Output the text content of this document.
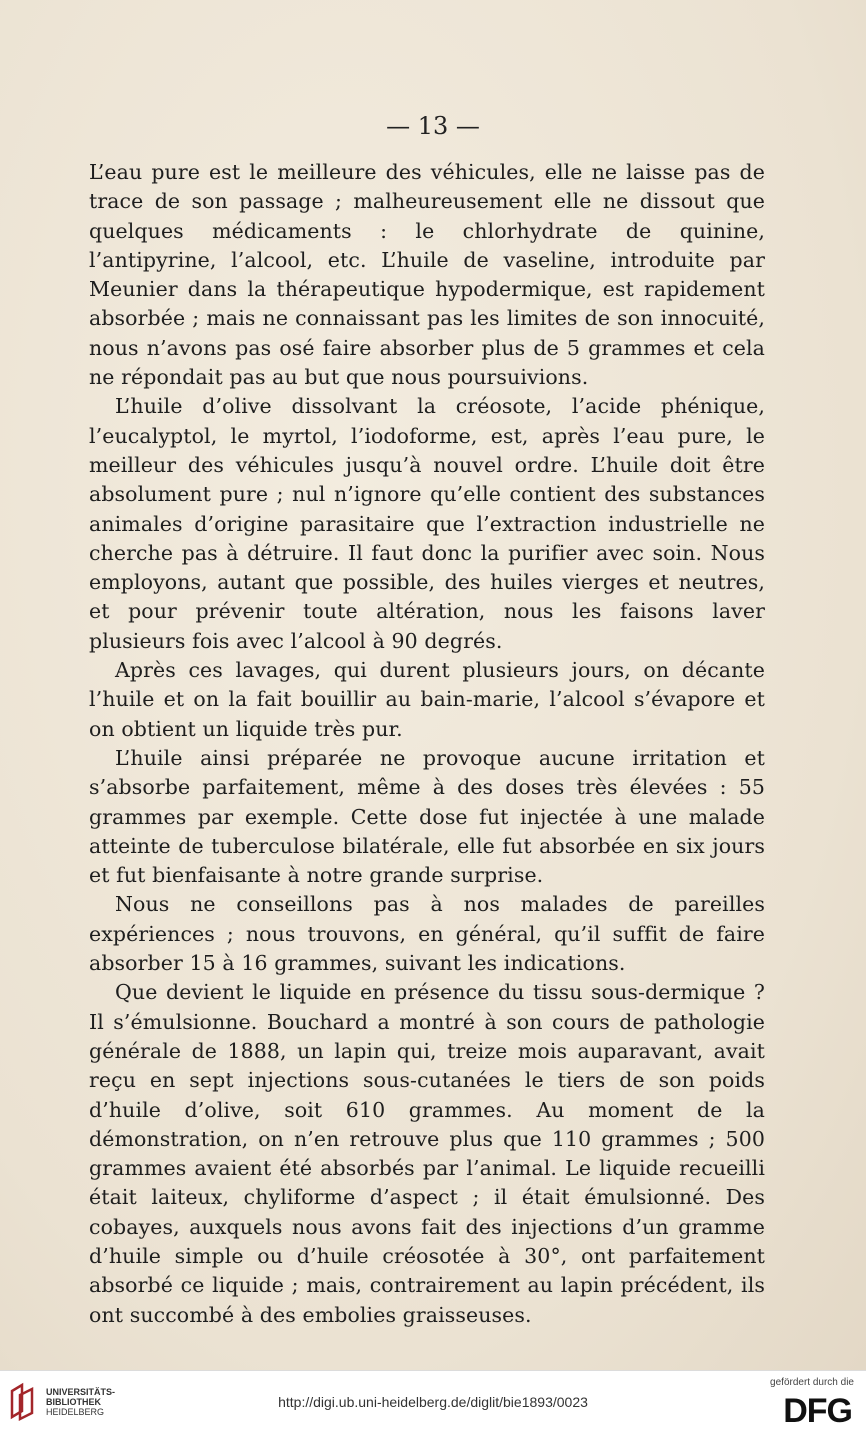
— 13 —

L’eau pure est le meilleure des véhicules, elle ne laisse pas de trace de son passage ; malheureusement elle ne dissout que quelques médicaments : le chlorhydrate de quinine, l’antipyrine, l’alcool, etc. L’huile de vaseline, introduite par Meunier dans la thérapeutique hypodermique, est rapidement absorbée ; mais ne connaissant pas les limites de son innocuité, nous n’avons pas osé faire absorber plus de 5 grammes et cela ne répondait pas au but que nous poursuivions.

L’huile d’olive dissolvant la créosote, l’acide phénique, l’eucalyptol, le myrtol, l’iodoforme, est, après l’eau pure, le meilleur des véhicules jusqu’à nouvel ordre. L’huile doit être absolument pure ; nul n’ignore qu’elle contient des substances animales d’origine parasitaire que l’extraction industrielle ne cherche pas à détruire. Il faut donc la purifier avec soin. Nous employons, autant que possible, des huiles vierges et neutres, et pour prévenir toute altération, nous les faisons laver plusieurs fois avec l’alcool à 90 degrés.

Après ces lavages, qui durent plusieurs jours, on décante l’huile et on la fait bouillir au bain-marie, l’alcool s’évapore et on obtient un liquide très pur.

L’huile ainsi préparée ne provoque aucune irritation et s’absorbe parfaitement, même à des doses très élevées : 55 grammes par exemple. Cette dose fut injectée à une malade atteinte de tuberculose bilatérale, elle fut absorbée en six jours et fut bienfaisante à notre grande surprise.

Nous ne conseillons pas à nos malades de pareilles expériences ; nous trouvons, en général, qu’il suffit de faire absorber 15 à 16 grammes, suivant les indications.

Que devient le liquide en présence du tissu sous-dermique ? Il s’émulsionne. Bouchard a montré à son cours de pathologie générale de 1888, un lapin qui, treize mois auparavant, avait reçu en sept injections sous-cutanées le tiers de son poids d’huile d’olive, soit 610 grammes. Au moment de la démonstration, on n’en retrouve plus que 110 grammes ; 500 grammes avaient été absorbés par l’animal. Le liquide recueilli était laiteux, chyliforme d’aspect ; il était émulsionné. Des cobayes, auxquels nous avons fait des injections d’un gramme d’huile simple ou d’huile créosotée à 30°, ont parfaitement absorbé ce liquide ; mais, contrairement au lapin précédent, ils ont succombé à des embolies graisseuses.

UNIVERSITÄTS-
BIBLIOTHEK
HEIDELBERG
http://digi.ub.uni-heidelberg.de/diglit/bie1893/0023
gefördert durch die
DFG
